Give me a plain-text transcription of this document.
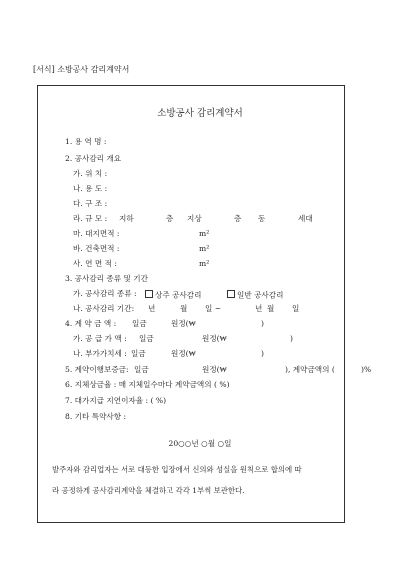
[서식] 소방공사 감리계약서
소방공사 감리계약서
1. 용 역 명 :
2. 공사감리 개요
가. 위 치 :
나. 용 도 :
다. 구 조 :
라. 규 모 : 지하	층 지상	층 동	세대
마. 대지면적 :	m²
바. 건축면적 :	m²
사. 연 면 적 :	m²
3. 공사감리 종류 및 기간
가. 공사감리 종류 :	상주 공사감리	일반 공사감리
나. 공사감리 기간: 년	월 일 ~	년 월 일
4. 계 약 금 액 : 일금	원정(₩	)
가. 공 급 가 액 : 일금	원정(₩	)
나. 부가가치세 : 일금	원정(₩	)
5. 계약이행보증금: 일금	원정(₩	), 계약금액의 (	)%
6. 지체상금율 : 매 지체일수마다 계약금액의 ( %)
7. 대가지급 지연이자율 : ( %)
8. 기타 특약사항 :
20○○년 ○월 ○일
발주자와 감리업자는 서로 대등한 입장에서 신의와 성실을 원칙으로 합의에 따
라 공정하게 공사감리계약을 체결하고 각각 1부씩 보관한다.
